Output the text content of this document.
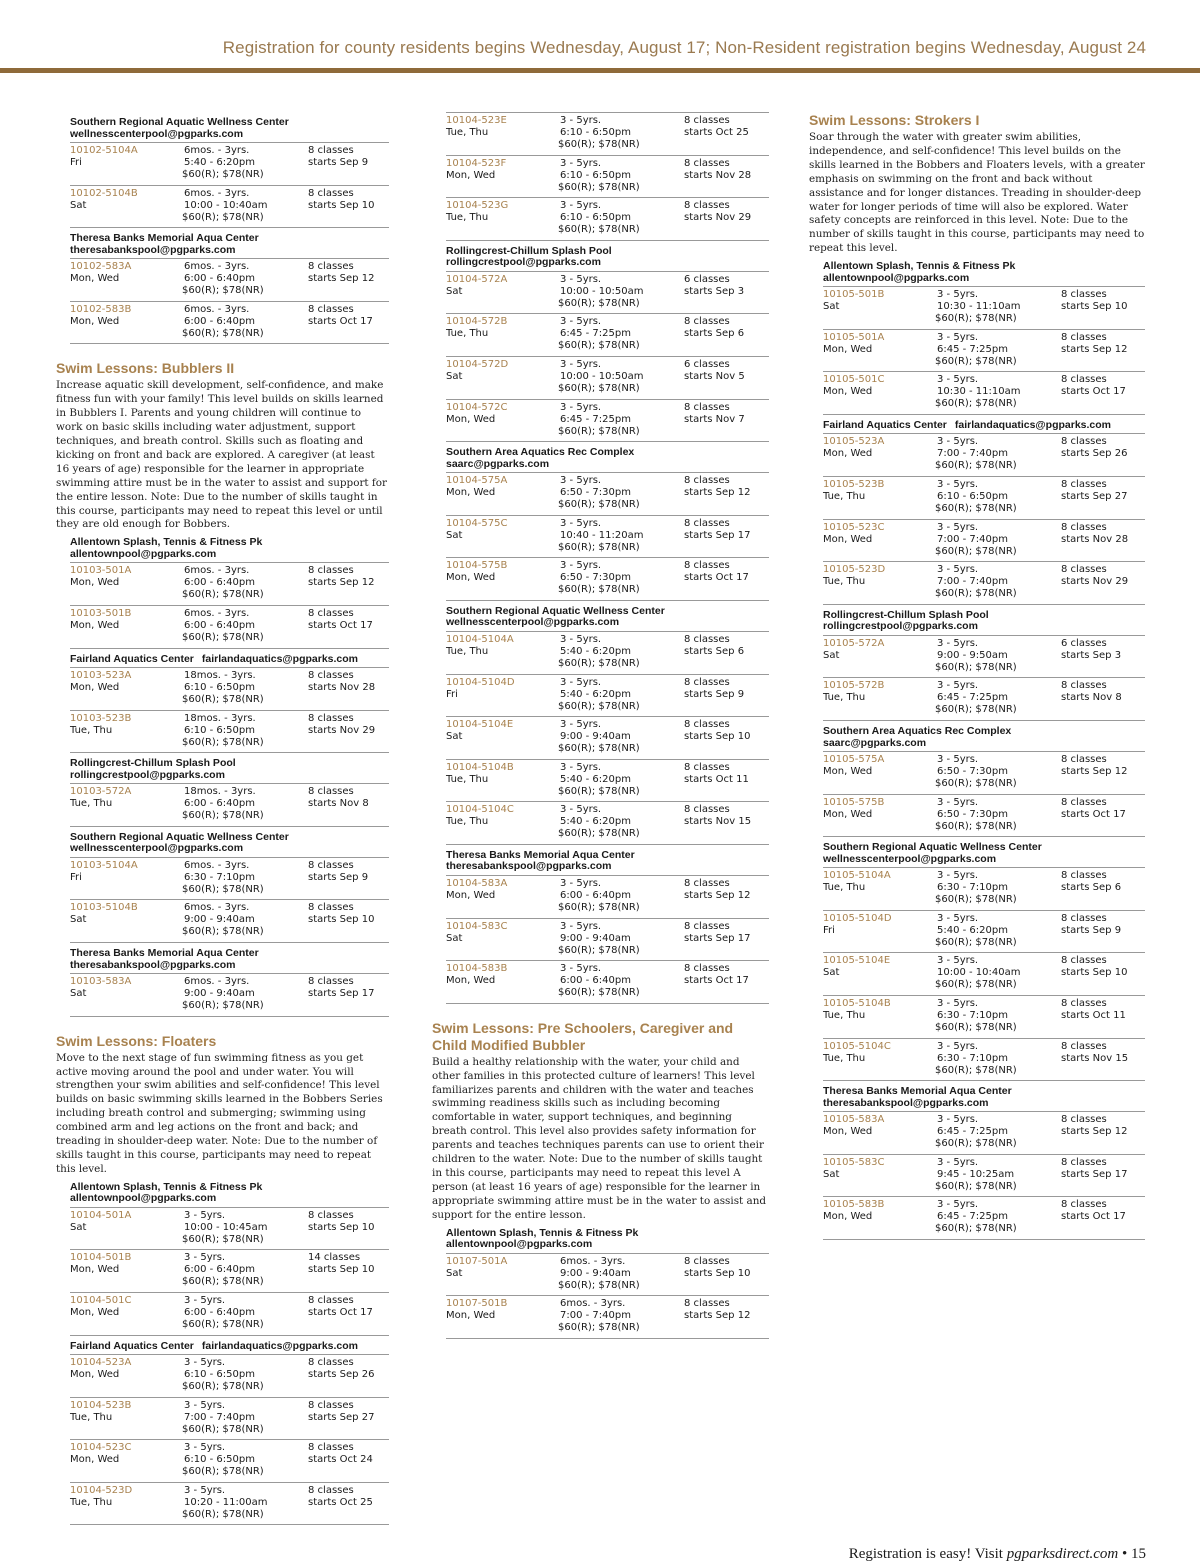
Registration for county residents begins Wednesday, August 17; Non-Resident registration begins Wednesday, August 24
Southern Regional Aquatic Wellness Center
wellnesscenterpool@pgparks.com
10102-5104A
Fri
6mos. - 3yrs.
5:40 - 6:20pm
$60(R); $78(NR)
8 classes
starts Sep 9
10102-5104B
Sat
6mos. - 3yrs.
10:00 - 10:40am
$60(R); $78(NR)
8 classes
starts Sep 10
Theresa Banks Memorial Aqua Center
theresabankspool@pgparks.com
10102-583A
Mon, Wed
6mos. - 3yrs.
6:00 - 6:40pm
$60(R); $78(NR)
8 classes
starts Sep 12
10102-583B
Mon, Wed
6mos. - 3yrs.
6:00 - 6:40pm
$60(R); $78(NR)
8 classes
starts Oct 17
Swim Lessons: Bubblers II
Increase aquatic skill development, self-confidence, and make fitness fun with your family! This level builds on skills learned in Bubblers I. Parents and young children will continue to work on basic skills including water adjustment, support techniques, and breath control. Skills such as floating and kicking on front and back are explored. A caregiver (at least 16 years of age) responsible for the learner in appropriate swimming attire must be in the water to assist and support for the entire lesson. Note: Due to the number of skills taught in this course, participants may need to repeat this level or until they are old enough for Bobbers.
Allentown Splash, Tennis & Fitness Pk
allentownpool@pgparks.com
10103-501A
Mon, Wed
6mos. - 3yrs.
6:00 - 6:40pm
$60(R); $78(NR)
8 classes
starts Sep 12
10103-501B
Mon, Wed
6mos. - 3yrs.
6:00 - 6:40pm
$60(R); $78(NR)
8 classes
starts Oct 17
Fairland Aquatics Center fairlandaquatics@pgparks.com
10103-523A
Mon, Wed
18mos. - 3yrs.
6:10 - 6:50pm
$60(R); $78(NR)
8 classes
starts Nov 28
10103-523B
Tue, Thu
18mos. - 3yrs.
6:10 - 6:50pm
$60(R); $78(NR)
8 classes
starts Nov 29
Rollingcrest-Chillum Splash Pool
rollingcrestpool@pgparks.com
10103-572A
Tue, Thu
18mos. - 3yrs.
6:00 - 6:40pm
$60(R); $78(NR)
8 classes
starts Nov 8
Southern Regional Aquatic Wellness Center
wellnesscenterpool@pgparks.com
10103-5104A
Fri
6mos. - 3yrs.
6:30 - 7:10pm
$60(R); $78(NR)
8 classes
starts Sep 9
10103-5104B
Sat
6mos. - 3yrs.
9:00 - 9:40am
$60(R); $78(NR)
8 classes
starts Sep 10
Theresa Banks Memorial Aqua Center
theresabankspool@pgparks.com
10103-583A
Sat
6mos. - 3yrs.
9:00 - 9:40am
$60(R); $78(NR)
8 classes
starts Sep 17
Swim Lessons: Floaters
Move to the next stage of fun swimming fitness as you get active moving around the pool and under water. You will strengthen your swim abilities and self-confidence! This level builds on basic swimming skills learned in the Bobbers Series including breath control and submerging; swimming using combined arm and leg actions on the front and back; and treading in shoulder-deep water. Note: Due to the number of skills taught in this course, participants may need to repeat this level.
Allentown Splash, Tennis & Fitness Pk
allentownpool@pgparks.com
10104-501A
Sat
3 - 5yrs.
10:00 - 10:45am
$60(R); $78(NR)
8 classes
starts Sep 10
10104-501B
Mon, Wed
3 - 5yrs.
6:00 - 6:40pm
$60(R); $78(NR)
14 classes
starts Sep 10
10104-501C
Mon, Wed
3 - 5yrs.
6:00 - 6:40pm
$60(R); $78(NR)
8 classes
starts Oct 17
Fairland Aquatics Center fairlandaquatics@pgparks.com
10104-523A
Mon, Wed
3 - 5yrs.
6:10 - 6:50pm
$60(R); $78(NR)
8 classes
starts Sep 26
10104-523B
Tue, Thu
3 - 5yrs.
7:00 - 7:40pm
$60(R); $78(NR)
8 classes
starts Sep 27
10104-523C
Mon, Wed
3 - 5yrs.
6:10 - 6:50pm
$60(R); $78(NR)
8 classes
starts Oct 24
10104-523D
Tue, Thu
3 - 5yrs.
10:20 - 11:00am
$60(R); $78(NR)
8 classes
starts Oct 25
10104-523E
Tue, Thu
3 - 5yrs.
6:10 - 6:50pm
$60(R); $78(NR)
8 classes
starts Oct 25
10104-523F
Mon, Wed
3 - 5yrs.
6:10 - 6:50pm
$60(R); $78(NR)
8 classes
starts Nov 28
10104-523G
Tue, Thu
3 - 5yrs.
6:10 - 6:50pm
$60(R); $78(NR)
8 classes
starts Nov 29
Rollingcrest-Chillum Splash Pool
rollingcrestpool@pgparks.com
10104-572A
Sat
3 - 5yrs.
10:00 - 10:50am
$60(R); $78(NR)
6 classes
starts Sep 3
10104-572B
Tue, Thu
3 - 5yrs.
6:45 - 7:25pm
$60(R); $78(NR)
8 classes
starts Sep 6
10104-572D
Sat
3 - 5yrs.
10:00 - 10:50am
$60(R); $78(NR)
6 classes
starts Nov 5
10104-572C
Mon, Wed
3 - 5yrs.
6:45 - 7:25pm
$60(R); $78(NR)
8 classes
starts Nov 7
Southern Area Aquatics Rec Complex
saarc@pgparks.com
10104-575A
Mon, Wed
3 - 5yrs.
6:50 - 7:30pm
$60(R); $78(NR)
8 classes
starts Sep 12
10104-575C
Sat
3 - 5yrs.
10:40 - 11:20am
$60(R); $78(NR)
8 classes
starts Sep 17
10104-575B
Mon, Wed
3 - 5yrs.
6:50 - 7:30pm
$60(R); $78(NR)
8 classes
starts Oct 17
Southern Regional Aquatic Wellness Center
wellnesscenterpool@pgparks.com
10104-5104A
Tue, Thu
3 - 5yrs.
5:40 - 6:20pm
$60(R); $78(NR)
8 classes
starts Sep 6
10104-5104D
Fri
3 - 5yrs.
5:40 - 6:20pm
$60(R); $78(NR)
8 classes
starts Sep 9
10104-5104E
Sat
3 - 5yrs.
9:00 - 9:40am
$60(R); $78(NR)
8 classes
starts Sep 10
10104-5104B
Tue, Thu
3 - 5yrs.
5:40 - 6:20pm
$60(R); $78(NR)
8 classes
starts Oct 11
10104-5104C
Tue, Thu
3 - 5yrs.
5:40 - 6:20pm
$60(R); $78(NR)
8 classes
starts Nov 15
Theresa Banks Memorial Aqua Center
theresabankspool@pgparks.com
10104-583A
Mon, Wed
3 - 5yrs.
6:00 - 6:40pm
$60(R); $78(NR)
8 classes
starts Sep 12
10104-583C
Sat
3 - 5yrs.
9:00 - 9:40am
$60(R); $78(NR)
8 classes
starts Sep 17
10104-583B
Mon, Wed
3 - 5yrs.
6:00 - 6:40pm
$60(R); $78(NR)
8 classes
starts Oct 17
Swim Lessons: Pre Schoolers, Caregiver and Child Modified Bubbler
Build a healthy relationship with the water, your child and other families in this protected culture of learners! This level familiarizes parents and children with the water and teaches swimming readiness skills such as including becoming comfortable in water, support techniques, and beginning breath control. This level also provides safety information for parents and teaches techniques parents can use to orient their children to the water. Note: Due to the number of skills taught in this course, participants may need to repeat this level A person (at least 16 years of age) responsible for the learner in appropriate swimming attire must be in the water to assist and support for the entire lesson.
Allentown Splash, Tennis & Fitness Pk
allentownpool@pgparks.com
10107-501A
Sat
6mos. - 3yrs.
9:00 - 9:40am
$60(R); $78(NR)
8 classes
starts Sep 10
10107-501B
Mon, Wed
6mos. - 3yrs.
7:00 - 7:40pm
$60(R); $78(NR)
8 classes
starts Sep 12
Swim Lessons: Strokers I
Soar through the water with greater swim abilities, independence, and self-confidence! This level builds on the skills learned in the Bobbers and Floaters levels, with a greater emphasis on swimming on the front and back without assistance and for longer distances. Treading in shoulder-deep water for longer periods of time will also be explored. Water safety concepts are reinforced in this level. Note: Due to the number of skills taught in this course, participants may need to repeat this level.
Allentown Splash, Tennis & Fitness Pk
allentownpool@pgparks.com
10105-501B
Sat
3 - 5yrs.
10:30 - 11:10am
$60(R); $78(NR)
8 classes
starts Sep 10
10105-501A
Mon, Wed
3 - 5yrs.
6:45 - 7:25pm
$60(R); $78(NR)
8 classes
starts Sep 12
10105-501C
Mon, Wed
3 - 5yrs.
10:30 - 11:10am
$60(R); $78(NR)
8 classes
starts Oct 17
Fairland Aquatics Center fairlandaquatics@pgparks.com
10105-523A
Mon, Wed
3 - 5yrs.
7:00 - 7:40pm
$60(R); $78(NR)
8 classes
starts Sep 26
10105-523B
Tue, Thu
3 - 5yrs.
6:10 - 6:50pm
$60(R); $78(NR)
8 classes
starts Sep 27
10105-523C
Mon, Wed
3 - 5yrs.
7:00 - 7:40pm
$60(R); $78(NR)
8 classes
starts Nov 28
10105-523D
Tue, Thu
3 - 5yrs.
7:00 - 7:40pm
$60(R); $78(NR)
8 classes
starts Nov 29
Rollingcrest-Chillum Splash Pool
rollingcrestpool@pgparks.com
10105-572A
Sat
3 - 5yrs.
9:00 - 9:50am
$60(R); $78(NR)
6 classes
starts Sep 3
10105-572B
Tue, Thu
3 - 5yrs.
6:45 - 7:25pm
$60(R); $78(NR)
8 classes
starts Nov 8
Southern Area Aquatics Rec Complex
saarc@pgparks.com
10105-575A
Mon, Wed
3 - 5yrs.
6:50 - 7:30pm
$60(R); $78(NR)
8 classes
starts Sep 12
10105-575B
Mon, Wed
3 - 5yrs.
6:50 - 7:30pm
$60(R); $78(NR)
8 classes
starts Oct 17
Southern Regional Aquatic Wellness Center
wellnesscenterpool@pgparks.com
10105-5104A
Tue, Thu
3 - 5yrs.
6:30 - 7:10pm
$60(R); $78(NR)
8 classes
starts Sep 6
10105-5104D
Fri
3 - 5yrs.
5:40 - 6:20pm
$60(R); $78(NR)
8 classes
starts Sep 9
10105-5104E
Sat
3 - 5yrs.
10:00 - 10:40am
$60(R); $78(NR)
8 classes
starts Sep 10
10105-5104B
Tue, Thu
3 - 5yrs.
6:30 - 7:10pm
$60(R); $78(NR)
8 classes
starts Oct 11
10105-5104C
Tue, Thu
3 - 5yrs.
6:30 - 7:10pm
$60(R); $78(NR)
8 classes
starts Nov 15
Theresa Banks Memorial Aqua Center
theresabankspool@pgparks.com
10105-583A
Mon, Wed
3 - 5yrs.
6:45 - 7:25pm
$60(R); $78(NR)
8 classes
starts Sep 12
10105-583C
Sat
3 - 5yrs.
9:45 - 10:25am
$60(R); $78(NR)
8 classes
starts Sep 17
10105-583B
Mon, Wed
3 - 5yrs.
6:45 - 7:25pm
$60(R); $78(NR)
8 classes
starts Oct 17
Registration is easy! Visit pgparksdirect.com • 15
